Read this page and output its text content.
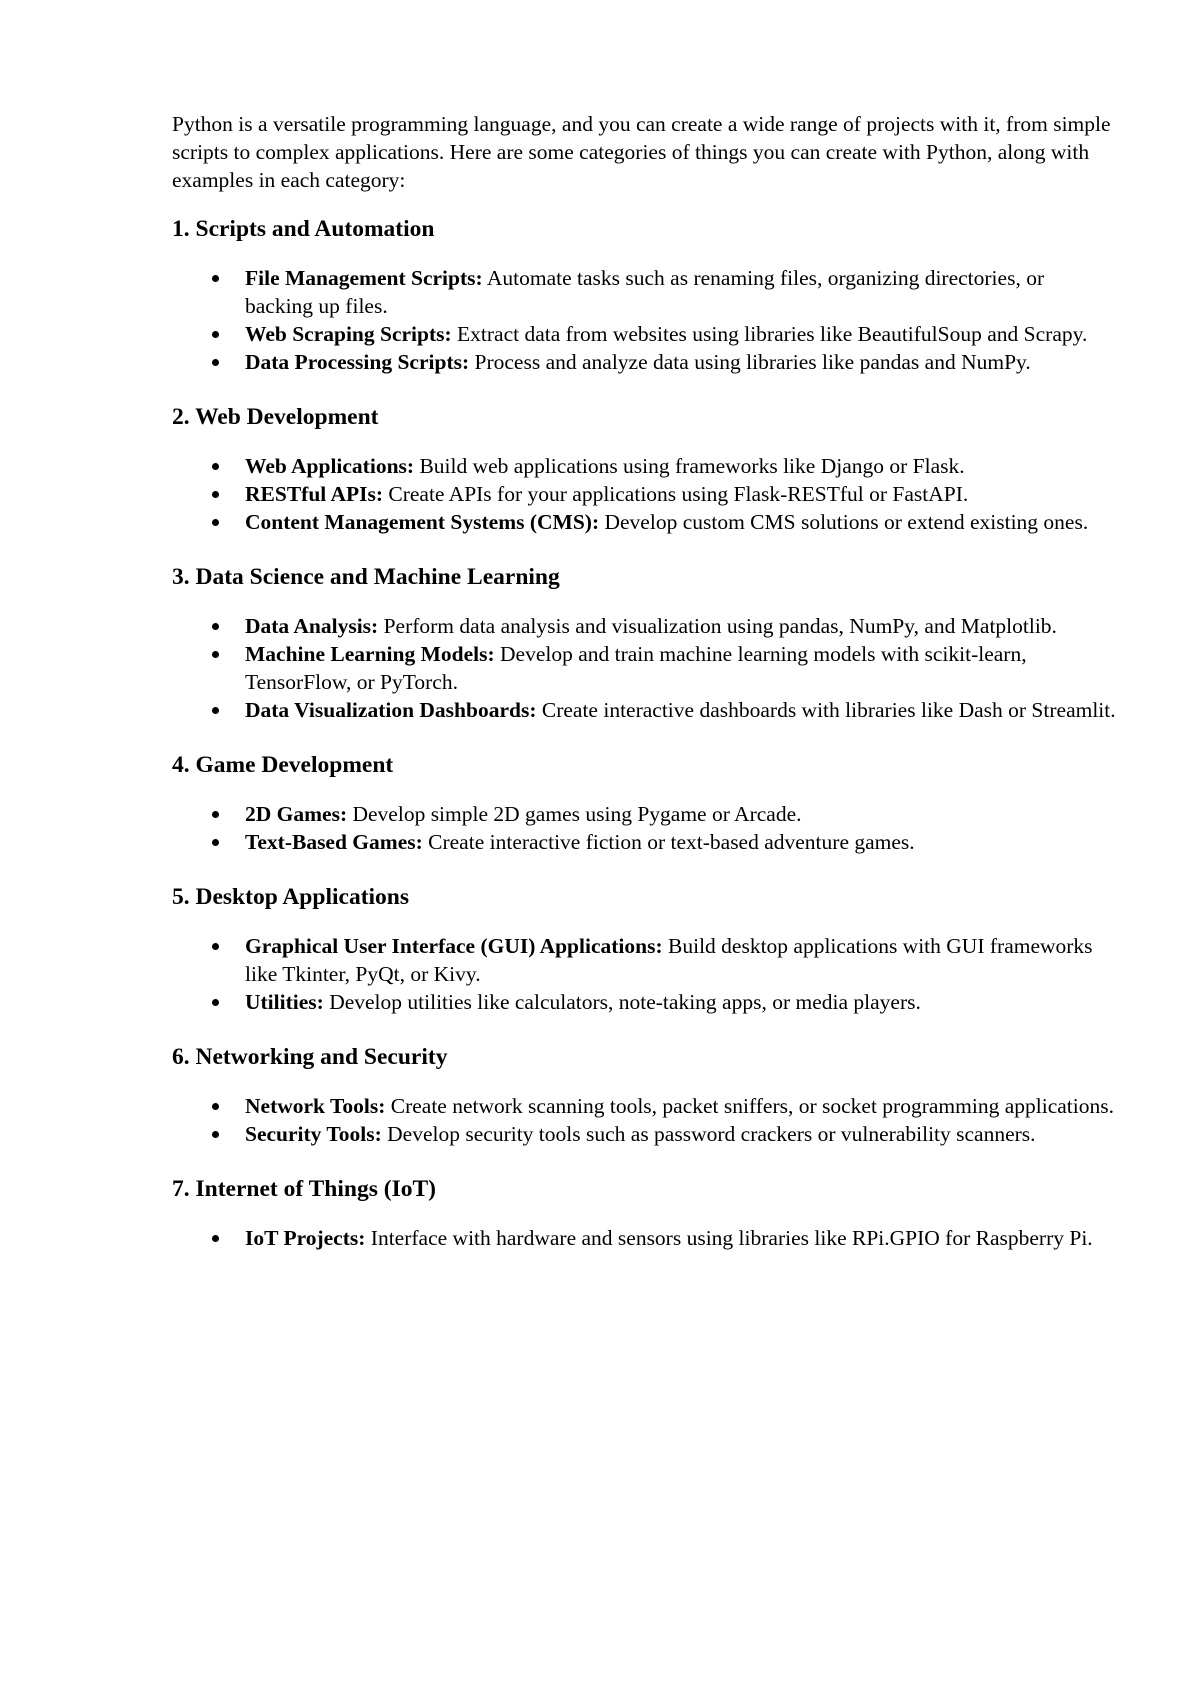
Python is a versatile programming language, and you can create a wide range of projects with it, from simple scripts to complex applications. Here are some categories of things you can create with Python, along with examples in each category:

1. Scripts and Automation
File Management Scripts: Automate tasks such as renaming files, organizing directories, or backing up files.
Web Scraping Scripts: Extract data from websites using libraries like BeautifulSoup and Scrapy.
Data Processing Scripts: Process and analyze data using libraries like pandas and NumPy.
2. Web Development
Web Applications: Build web applications using frameworks like Django or Flask.
RESTful APIs: Create APIs for your applications using Flask-RESTful or FastAPI.
Content Management Systems (CMS): Develop custom CMS solutions or extend existing ones.
3. Data Science and Machine Learning
Data Analysis: Perform data analysis and visualization using pandas, NumPy, and Matplotlib.
Machine Learning Models: Develop and train machine learning models with scikit-learn, TensorFlow, or PyTorch.
Data Visualization Dashboards: Create interactive dashboards with libraries like Dash or Streamlit.
4. Game Development
2D Games: Develop simple 2D games using Pygame or Arcade.
Text-Based Games: Create interactive fiction or text-based adventure games.
5. Desktop Applications
Graphical User Interface (GUI) Applications: Build desktop applications with GUI frameworks like Tkinter, PyQt, or Kivy.
Utilities: Develop utilities like calculators, note-taking apps, or media players.
6. Networking and Security
Network Tools: Create network scanning tools, packet sniffers, or socket programming applications.
Security Tools: Develop security tools such as password crackers or vulnerability scanners.
7. Internet of Things (IoT)
IoT Projects: Interface with hardware and sensors using libraries like RPi.GPIO for Raspberry Pi.
